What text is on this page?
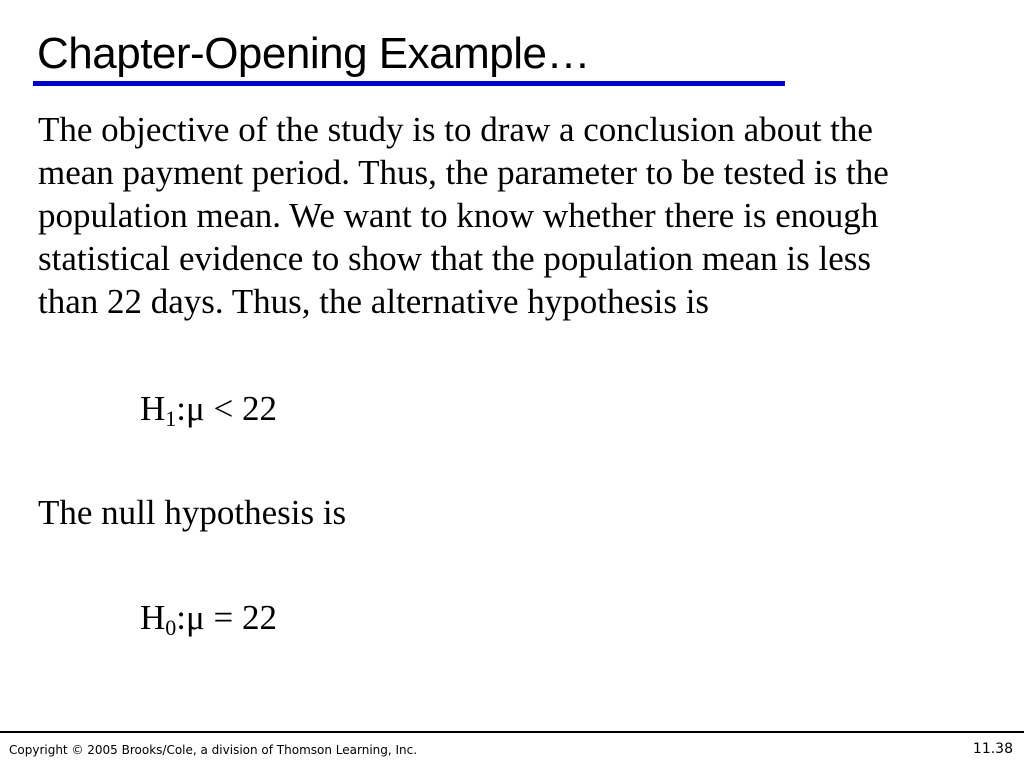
Chapter-Opening Example…
The objective of the study is to draw a conclusion about the
mean payment period. Thus, the parameter to be tested is the
population mean. We want to know whether there is enough
statistical evidence to show that the population mean is less
than 22 days. Thus, the alternative hypothesis is
$H_1:\mu < 22$
The null hypothesis is
$H_0:\mu = 22$
Copyright © 2005 Brooks/Cole, a division of Thomson Learning, Inc.	11.38
